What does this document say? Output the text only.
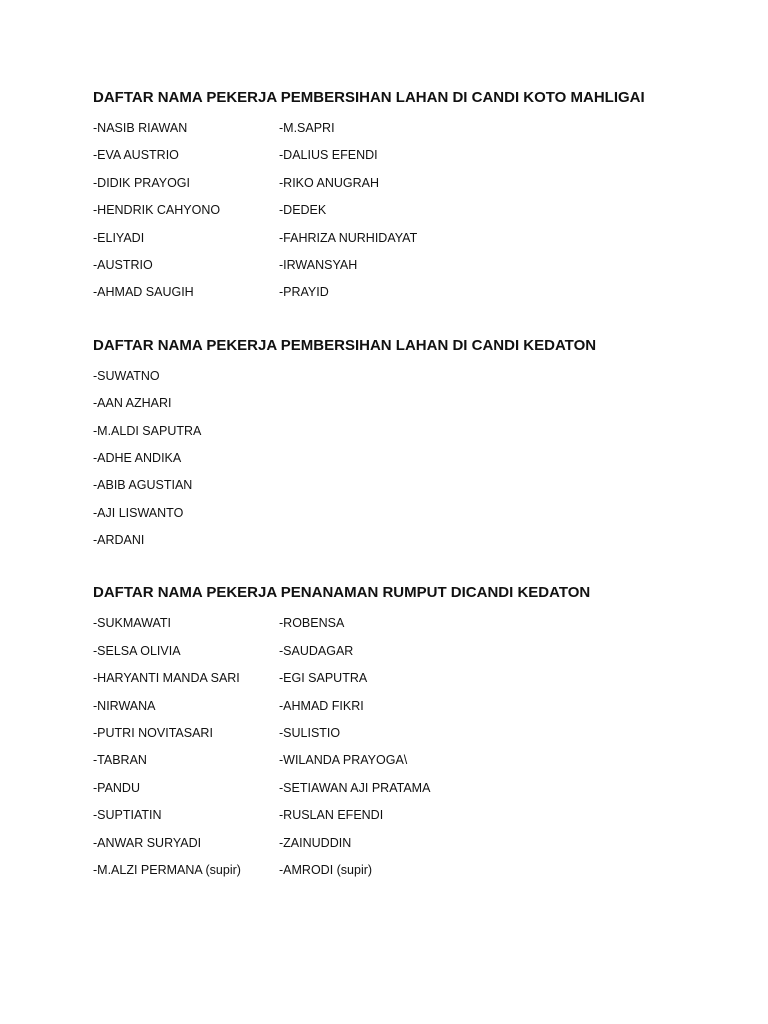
DAFTAR NAMA PEKERJA PEMBERSIHAN LAHAN DI CANDI KOTO MAHLIGAI
-NASIB RIAWAN	-M.SAPRI
-EVA AUSTRIO	-DALIUS EFENDI
-DIDIK PRAYOGI	-RIKO ANUGRAH
-HENDRIK CAHYONO	-DEDEK
-ELIYADI	-FAHRIZA NURHIDAYAT
-AUSTRIO	-IRWANSYAH
-AHMAD SAUGIH	-PRAYID
DAFTAR NAMA PEKERJA PEMBERSIHAN LAHAN DI CANDI KEDATON
-SUWATNO
-AAN AZHARI
-M.ALDI SAPUTRA
-ADHE ANDIKA
-ABIB AGUSTIAN
-AJI LISWANTO
-ARDANI
DAFTAR NAMA PEKERJA PENANAMAN RUMPUT DICANDI KEDATON
-SUKMAWATI	-ROBENSA
-SELSA OLIVIA	-SAUDAGAR
-HARYANTI MANDA SARI	-EGI SAPUTRA
-NIRWANA	-AHMAD FIKRI
-PUTRI NOVITASARI	-SULISTIO
-TABRAN	-WILANDA PRAYOGA\
-PANDU	-SETIAWAN AJI PRATAMA
-SUPTIATIN	-RUSLAN EFENDI
-ANWAR SURYADI	-ZAINUDDIN
-M.ALZI PERMANA (supir)	-AMRODI (supir)
